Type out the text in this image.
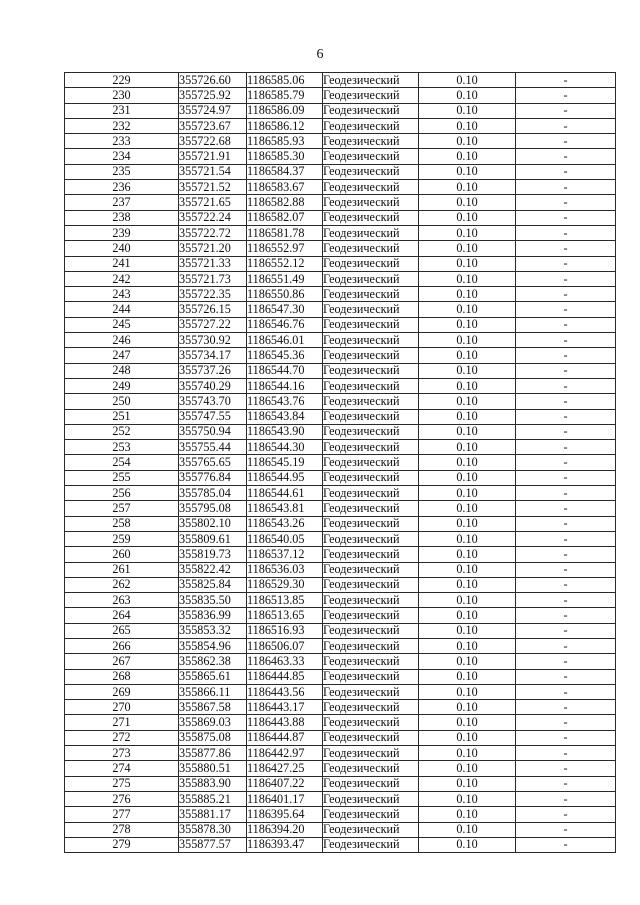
6
229	355726.60	1186585.06	Геодезический	0.10	-
230	355725.92	1186585.79	Геодезический	0.10	-
231	355724.97	1186586.09	Геодезический	0.10	-
232	355723.67	1186586.12	Геодезический	0.10	-
233	355722.68	1186585.93	Геодезический	0.10	-
234	355721.91	1186585.30	Геодезический	0.10	-
235	355721.54	1186584.37	Геодезический	0.10	-
236	355721.52	1186583.67	Геодезический	0.10	-
237	355721.65	1186582.88	Геодезический	0.10	-
238	355722.24	1186582.07	Геодезический	0.10	-
239	355722.72	1186581.78	Геодезический	0.10	-
240	355721.20	1186552.97	Геодезический	0.10	-
241	355721.33	1186552.12	Геодезический	0.10	-
242	355721.73	1186551.49	Геодезический	0.10	-
243	355722.35	1186550.86	Геодезический	0.10	-
244	355726.15	1186547.30	Геодезический	0.10	-
245	355727.22	1186546.76	Геодезический	0.10	-
246	355730.92	1186546.01	Геодезический	0.10	-
247	355734.17	1186545.36	Геодезический	0.10	-
248	355737.26	1186544.70	Геодезический	0.10	-
249	355740.29	1186544.16	Геодезический	0.10	-
250	355743.70	1186543.76	Геодезический	0.10	-
251	355747.55	1186543.84	Геодезический	0.10	-
252	355750.94	1186543.90	Геодезический	0.10	-
253	355755.44	1186544.30	Геодезический	0.10	-
254	355765.65	1186545.19	Геодезический	0.10	-
255	355776.84	1186544.95	Геодезический	0.10	-
256	355785.04	1186544.61	Геодезический	0.10	-
257	355795.08	1186543.81	Геодезический	0.10	-
258	355802.10	1186543.26	Геодезический	0.10	-
259	355809.61	1186540.05	Геодезический	0.10	-
260	355819.73	1186537.12	Геодезический	0.10	-
261	355822.42	1186536.03	Геодезический	0.10	-
262	355825.84	1186529.30	Геодезический	0.10	-
263	355835.50	1186513.85	Геодезический	0.10	-
264	355836.99	1186513.65	Геодезический	0.10	-
265	355853.32	1186516.93	Геодезический	0.10	-
266	355854.96	1186506.07	Геодезический	0.10	-
267	355862.38	1186463.33	Геодезический	0.10	-
268	355865.61	1186444.85	Геодезический	0.10	-
269	355866.11	1186443.56	Геодезический	0.10	-
270	355867.58	1186443.17	Геодезический	0.10	-
271	355869.03	1186443.88	Геодезический	0.10	-
272	355875.08	1186444.87	Геодезический	0.10	-
273	355877.86	1186442.97	Геодезический	0.10	-
274	355880.51	1186427.25	Геодезический	0.10	-
275	355883.90	1186407.22	Геодезический	0.10	-
276	355885.21	1186401.17	Геодезический	0.10	-
277	355881.17	1186395.64	Геодезический	0.10	-
278	355878.30	1186394.20	Геодезический	0.10	-
279	355877.57	1186393.47	Геодезический	0.10	-
